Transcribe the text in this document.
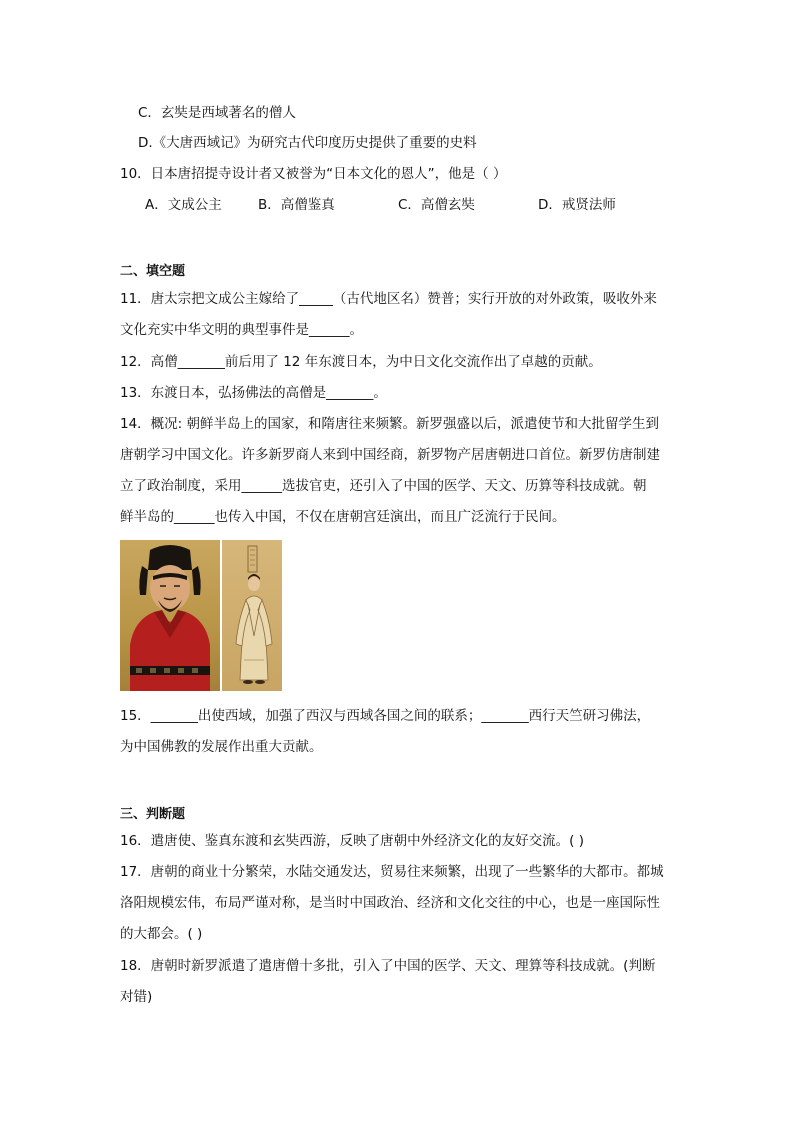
C．玄奘是西域著名的僧人
D.《大唐西域记》为研究古代印度历史提供了重要的史料
10．日本唐招提寺设计者又被誉为“日本文化的恩人”，他是（ ）
A．文成公主	B．高僧鉴真	C．高僧玄奘	D．戒贤法师
二、填空题
11．唐太宗把文成公主嫁给了_____（古代地区名）赞普；实行开放的对外政策，吸收外来
文化充实中华文明的典型事件是______。
12．高僧_______前后用了 12 年东渡日本，为中日文化交流作出了卓越的贡献。
13．东渡日本，弘扬佛法的高僧是_______。
14．概况: 朝鲜半岛上的国家，和隋唐往来频繁。新罗强盛以后，派遣使节和大批留学生到
唐朝学习中国文化。许多新罗商人来到中国经商，新罗物产居唐朝进口首位。新罗仿唐制建
立了政治制度，采用______选拔官吏，还引入了中国的医学、天文、历算等科技成就。朝
鲜半岛的______也传入中国，不仅在唐朝宫廷演出，而且广泛流行于民间。
15．_______出使西域，加强了西汉与西域各国之间的联系；_______西行天竺研习佛法，
为中国佛教的发展作出重大贡献。
三、判断题
16．遣唐使、鉴真东渡和玄奘西游，反映了唐朝中外经济文化的友好交流。( )
17．唐朝的商业十分繁荣，水陆交通发达，贸易往来频繁，出现了一些繁华的大都市。都城
洛阳规模宏伟，布局严谨对称，是当时中国政治、经济和文化交往的中心，也是一座国际性
的大都会。( )
18．唐朝时新罗派遣了遣唐僧十多批，引入了中国的医学、天文、理算等科技成就。(判断
对错)
